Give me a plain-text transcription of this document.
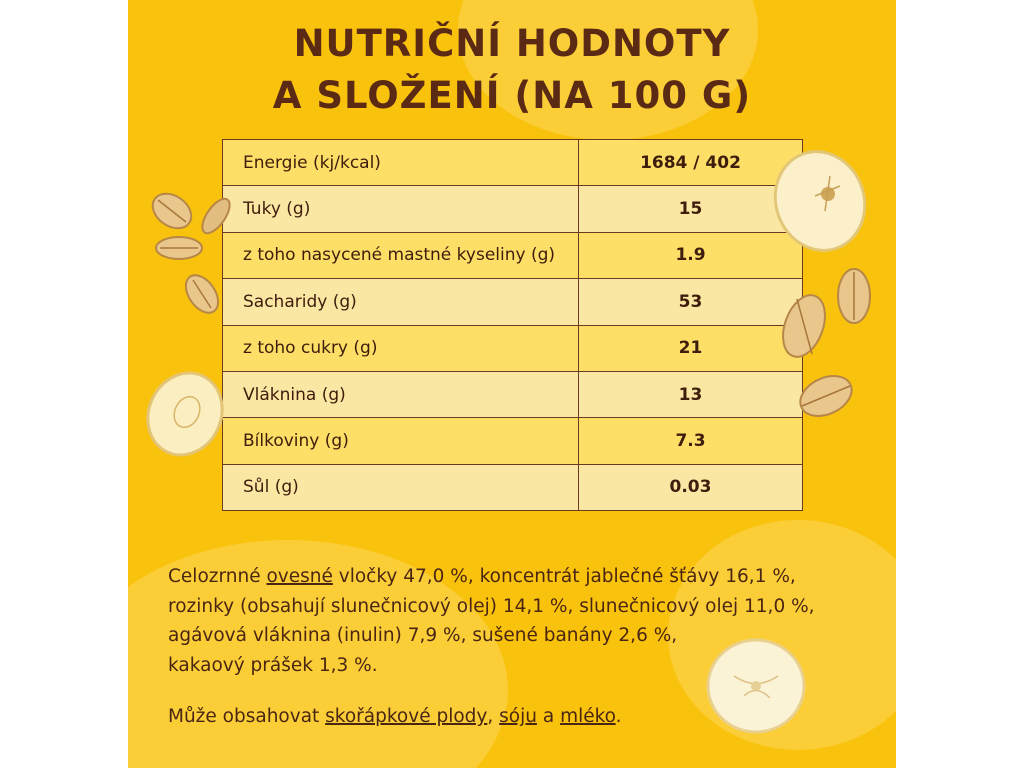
NUTRIČNÍ HODNOTY
A SLOŽENÍ (NA 100 G)
Energie (kj/kcal)	1684 / 402
Tuky (g)	15
z toho nasycené mastné kyseliny (g)	1.9
Sacharidy (g)	53
z toho cukry (g)	21
Vláknina (g)	13
Bílkoviny (g)	7.3
Sůl (g)	0.03
Celozrnné ovesné vločky 47,0 %, koncentrát jablečné šťávy 16,1 %,
rozinky (obsahují slunečnicový olej) 14,1 %, slunečnicový olej 11,0 %,
agávová vláknina (inulin) 7,9 %, sušené banány 2,6 %,
kakaový prášek 1,3 %.
Může obsahovat skořápkové plody, sóju a mléko.
